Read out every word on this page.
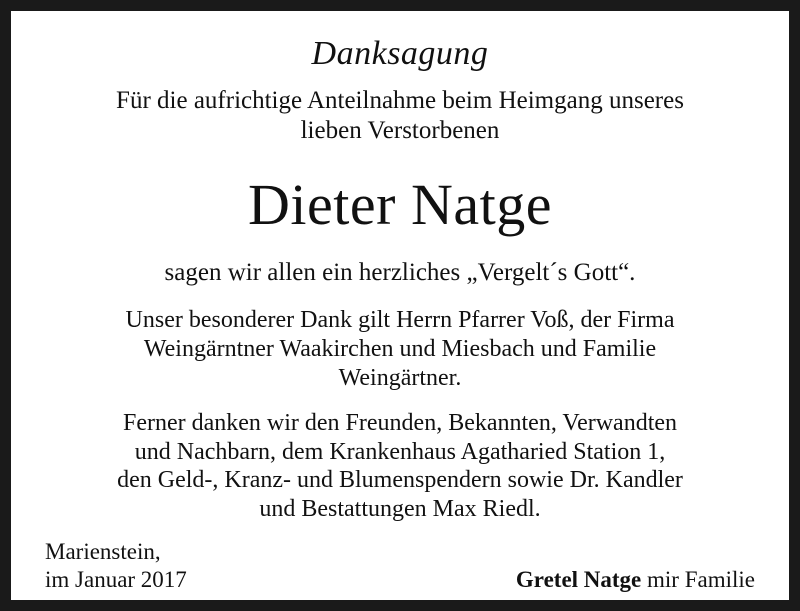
Danksagung
Für die aufrichtige Anteilnahme beim Heimgang unseres
lieben Verstorbenen
Dieter Natge
sagen wir allen ein herzliches „Vergelt´s Gott“.
Unser besonderer Dank gilt Herrn Pfarrer Voß, der Firma
Weingärntner Waakirchen und Miesbach und Familie
Weingärtner.
Ferner danken wir den Freunden, Bekannten, Verwandten
und Nachbarn, dem Krankenhaus Agatharied Station 1,
den Geld-, Kranz- und Blumenspendern sowie Dr. Kandler
und Bestattungen Max Riedl.
Marienstein,
im Januar 2017	Gretel Natge mir Familie
